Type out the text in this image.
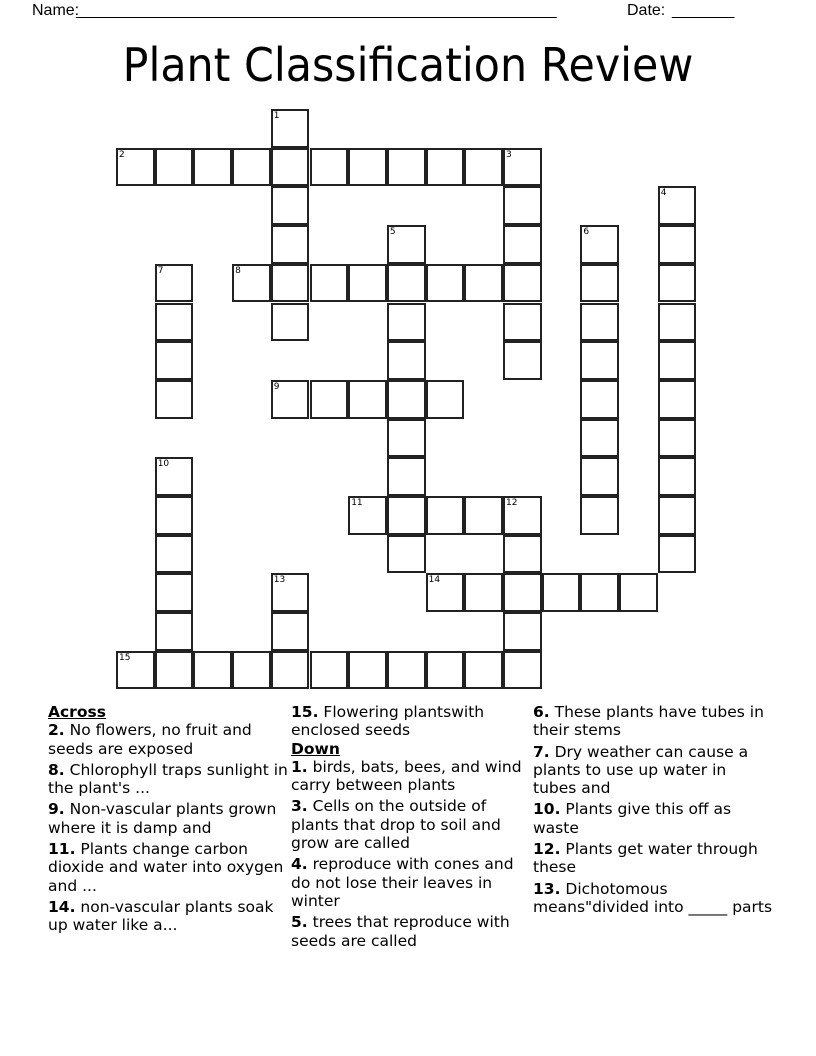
Name:
______________________________________________________	Date: _______
Plant Classification Review
1
2	3
4
5	6
7	8
9
10
11	12
13	14
15
Across
2. No flowers, no fruit and seeds are exposed
8. Chlorophyll traps sunlight in the plant's ...
9. Non-vascular plants grown where it is damp and
11. Plants change carbon dioxide and water into oxygen and ...
14. non-vascular plants soak up water like a...
15. Flowering plantswith enclosed seeds
Down
1. birds, bats, bees, and wind carry between plants
3. Cells on the outside of plants that drop to soil and grow are called
4. reproduce with cones and do not lose their leaves in winter
5. trees that reproduce with seeds are called
6. These plants have tubes in their stems
7. Dry weather can cause a plants to use up water in tubes and
10. Plants give this off as waste
12. Plants get water through these
13. Dichotomous means"divided into _____ parts
